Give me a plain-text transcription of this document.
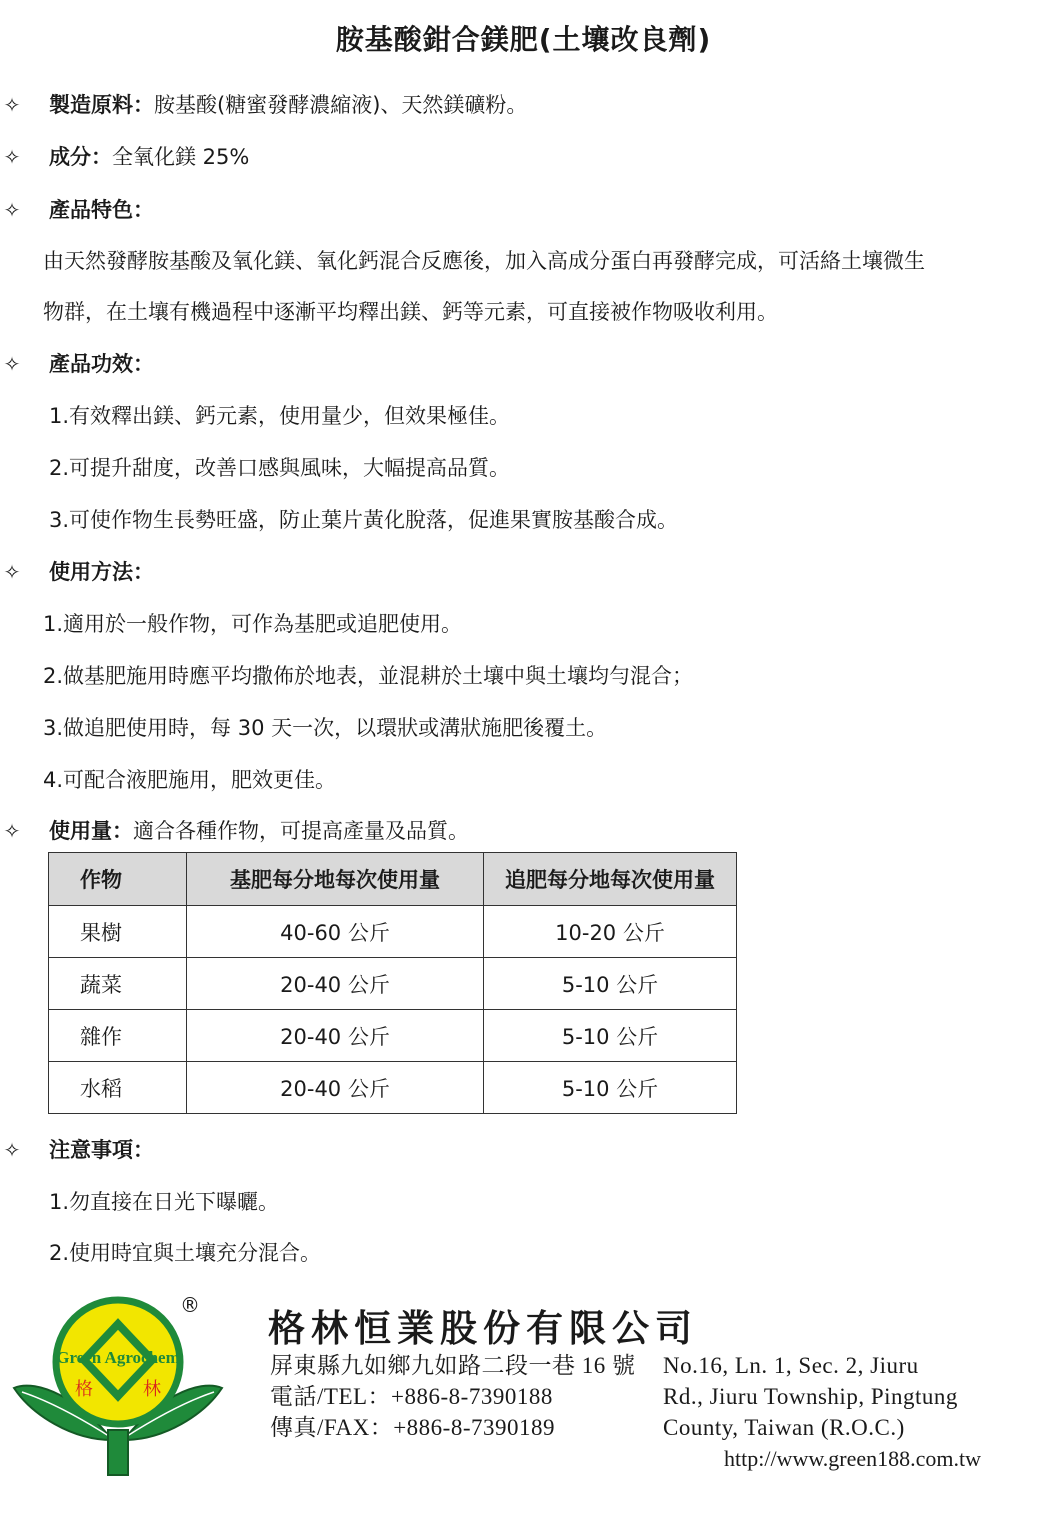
胺基酸鉗合鎂肥(土壤改良劑)
✧ 製造原料：胺基酸(糖蜜發酵濃縮液)、天然鎂礦粉。
✧ 成分：全氧化鎂 25%
✧ 產品特色：
由天然發酵胺基酸及氧化鎂、氧化鈣混合反應後，加入高成分蛋白再發酵完成，可活絡土壤微生
物群，在土壤有機過程中逐漸平均釋出鎂、鈣等元素，可直接被作物吸收利用。
✧ 產品功效：
1.有效釋出鎂、鈣元素，使用量少，但效果極佳。
2.可提升甜度，改善口感與風味，大幅提高品質。
3.可使作物生長勢旺盛，防止葉片黃化脫落，促進果實胺基酸合成。
✧ 使用方法：
1.適用於一般作物，可作為基肥或追肥使用。
2.做基肥施用時應平均撒佈於地表，並混耕於土壤中與土壤均勻混合；
3.做追肥使用時，每 30 天一次，以環狀或溝狀施肥後覆土。
4.可配合液肥施用，肥效更佳。
✧ 使用量：適合各種作物，可提高產量及品質。
作物	基肥每分地每次使用量	追肥每分地每次使用量
果樹	40-60 公斤	10-20 公斤
蔬菜	20-40 公斤	5-10 公斤
雜作	20-40 公斤	5-10 公斤
水稻	20-40 公斤	5-10 公斤
✧ 注意事項：
1.勿直接在日光下曝曬。
2.使用時宜與土壤充分混合。
Green Agrochem
格	林
®
格林恒業股份有限公司
屏東縣九如鄉九如路二段一巷 16 號
電話/TEL：+886-8-7390188
傳真/FAX：+886-8-7390189
No.16, Ln. 1, Sec. 2, Jiuru
Rd., Jiuru Township, Pingtung
County, Taiwan (R.O.C.)
http://www.green188.com.tw
